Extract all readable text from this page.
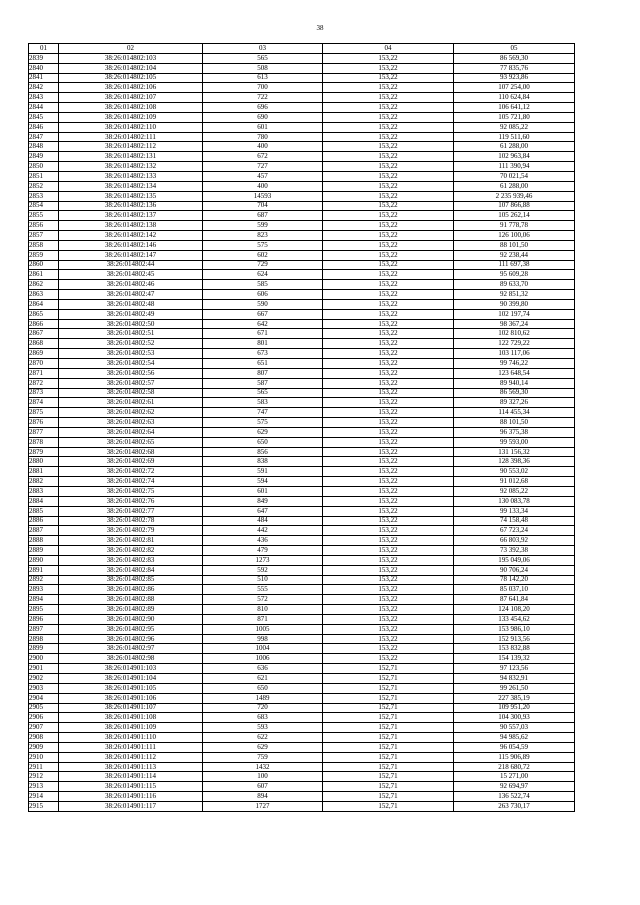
38
01	02	03	04	05
2839	38:26:014802:103	565	153,22	86 569,30
2840	38:26:014802:104	508	153,22	77 835,76
2841	38:26:014802:105	613	153,22	93 923,86
2842	38:26:014802:106	700	153,22	107 254,00
2843	38:26:014802:107	722	153,22	110 624,84
2844	38:26:014802:108	696	153,22	106 641,12
2845	38:26:014802:109	690	153,22	105 721,80
2846	38:26:014802:110	601	153,22	92 085,22
2847	38:26:014802:111	780	153,22	119 511,60
2848	38:26:014802:112	400	153,22	61 288,00
2849	38:26:014802:131	672	153,22	102 963,84
2850	38:26:014802:132	727	153,22	111 390,94
2851	38:26:014802:133	457	153,22	70 021,54
2852	38:26:014802:134	400	153,22	61 288,00
2853	38:26:014802:135	14593	153,22	2 235 939,46
2854	38:26:014802:136	704	153,22	107 866,88
2855	38:26:014802:137	687	153,22	105 262,14
2856	38:26:014802:138	599	153,22	91 778,78
2857	38:26:014802:142	823	153,22	126 100,06
2858	38:26:014802:146	575	153,22	88 101,50
2859	38:26:014802:147	602	153,22	92 238,44
2860	38:26:014802:44	729	153,22	111 697,38
2861	38:26:014802:45	624	153,22	95 609,28
2862	38:26:014802:46	585	153,22	89 633,70
2863	38:26:014802:47	606	153,22	92 851,32
2864	38:26:014802:48	590	153,22	90 399,80
2865	38:26:014802:49	667	153,22	102 197,74
2866	38:26:014802:50	642	153,22	98 367,24
2867	38:26:014802:51	671	153,22	102 810,62
2868	38:26:014802:52	801	153,22	122 729,22
2869	38:26:014802:53	673	153,22	103 117,06
2870	38:26:014802:54	651	153,22	99 746,22
2871	38:26:014802:56	807	153,22	123 648,54
2872	38:26:014802:57	587	153,22	89 940,14
2873	38:26:014802:58	565	153,22	86 569,30
2874	38:26:014802:61	583	153,22	89 327,26
2875	38:26:014802:62	747	153,22	114 455,34
2876	38:26:014802:63	575	153,22	88 101,50
2877	38:26:014802:64	629	153,22	96 375,38
2878	38:26:014802:65	650	153,22	99 593,00
2879	38:26:014802:68	856	153,22	131 156,32
2880	38:26:014802:69	838	153,22	128 398,36
2881	38:26:014802:72	591	153,22	90 553,02
2882	38:26:014802:74	594	153,22	91 012,68
2883	38:26:014802:75	601	153,22	92 085,22
2884	38:26:014802:76	849	153,22	130 083,78
2885	38:26:014802:77	647	153,22	99 133,34
2886	38:26:014802:78	484	153,22	74 158,48
2887	38:26:014802:79	442	153,22	67 723,24
2888	38:26:014802:81	436	153,22	66 803,92
2889	38:26:014802:82	479	153,22	73 392,38
2890	38:26:014802:83	1273	153,22	195 049,06
2891	38:26:014802:84	592	153,22	90 706,24
2892	38:26:014802:85	510	153,22	78 142,20
2893	38:26:014802:86	555	153,22	85 037,10
2894	38:26:014802:88	572	153,22	87 641,84
2895	38:26:014802:89	810	153,22	124 108,20
2896	38:26:014802:90	871	153,22	133 454,62
2897	38:26:014802:95	1005	153,22	153 986,10
2898	38:26:014802:96	998	153,22	152 913,56
2899	38:26:014802:97	1004	153,22	153 832,88
2900	38:26:014802:98	1006	153,22	154 139,32
2901	38:26:014901:103	636	152,71	97 123,56
2902	38:26:014901:104	621	152,71	94 832,91
2903	38:26:014901:105	650	152,71	99 261,50
2904	38:26:014901:106	1489	152,71	227 385,19
2905	38:26:014901:107	720	152,71	109 951,20
2906	38:26:014901:108	683	152,71	104 300,93
2907	38:26:014901:109	593	152,71	90 557,03
2908	38:26:014901:110	622	152,71	94 985,62
2909	38:26:014901:111	629	152,71	96 054,59
2910	38:26:014901:112	759	152,71	115 906,89
2911	38:26:014901:113	1432	152,71	218 680,72
2912	38:26:014901:114	100	152,71	15 271,00
2913	38:26:014901:115	607	152,71	92 694,97
2914	38:26:014901:116	894	152,71	136 522,74
2915	38:26:014901:117	1727	152,71	263 730,17
